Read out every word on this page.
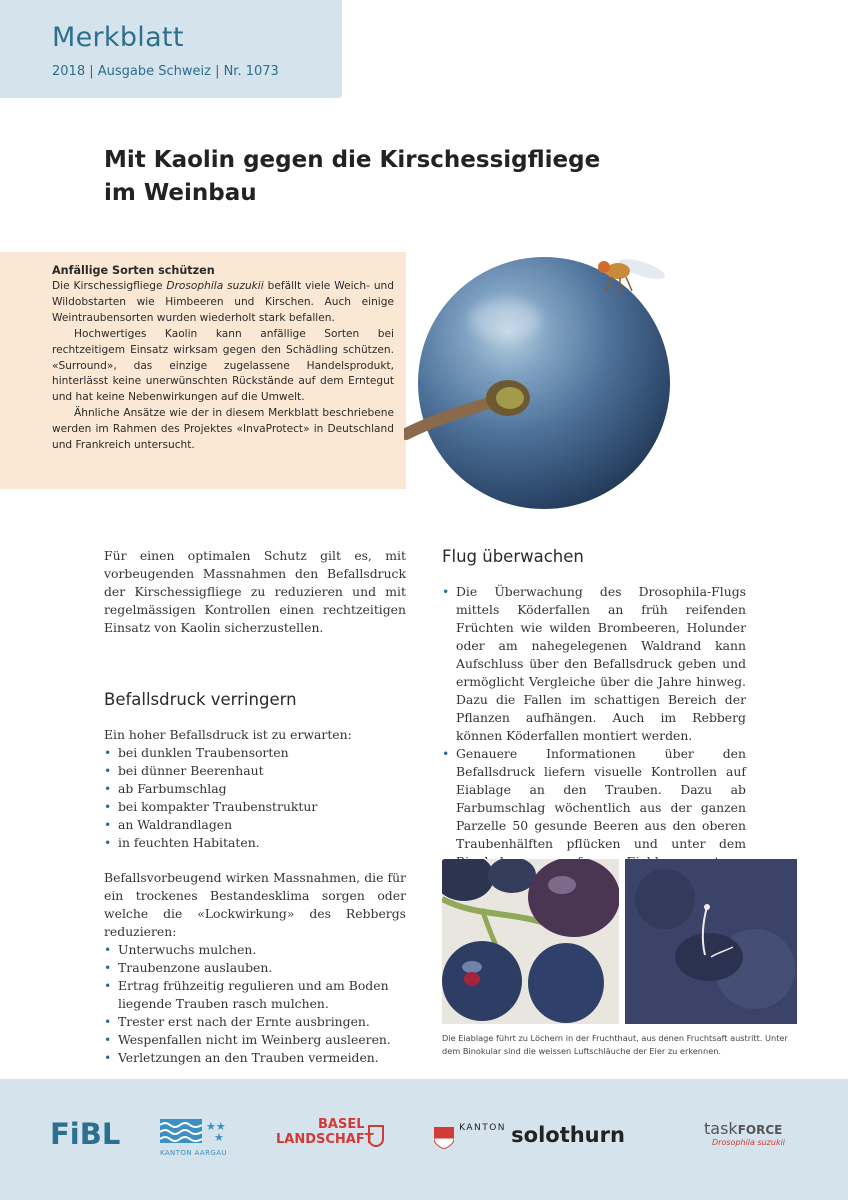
Merkblatt
2018 | Ausgabe Schweiz | Nr. 1073
Mit Kaolin gegen die Kirschessigfliege
im Weinbau
Anfällige Sorten schützen

Die Kirschessigfliege Drosophila suzukii befällt viele Weich- und Wildobstarten wie Himbeeren und Kirschen. Auch einige Weintraubensorten wurden wiederholt stark befallen.

Hochwertiges Kaolin kann anfällige Sorten bei rechtzeitigem Einsatz wirksam gegen den Schädling schützen. «Surround», das einzige zugelassene Handelsprodukt, hinterlässt keine unerwünschten Rückstände auf dem Erntegut und hat keine Nebenwirkungen auf die Umwelt.

Ähnliche Ansätze wie der in diesem Merkblatt beschriebene werden im Rahmen des Projektes «InvaProtect» in Deutschland und Frankreich untersucht.

Für einen optimalen Schutz gilt es, mit vorbeugenden Massnahmen den Befallsdruck der Kirschessigfliege zu reduzieren und mit regelmässigen Kontrollen einen rechtzeitigen Einsatz von Kaolin sicherzustellen.
Befallsdruck verringern
Ein hoher Befallsdruck ist zu erwarten:
• bei dunklen Traubensorten
• bei dünner Beerenhaut
• ab Farbumschlag
• bei kompakter Traubenstruktur
• an Waldrandlagen
• in feuchten Habitaten.
Befallsvorbeugend wirken Massnahmen, die für ein trockenes Bestandesklima sorgen oder welche die «Lockwirkung» des Rebbergs reduzieren:
• Unterwuchs mulchen.
• Traubenzone auslauben.
• Ertrag frühzeitig regulieren und am Boden liegende Trauben rasch mulchen.
• Trester erst nach der Ernte ausbringen.
• Wespenfallen nicht im Weinberg ausleeren.
• Verletzungen an den Trauben vermeiden.
Flug überwachen
• Die Überwachung des Drosophila-Flugs mittels Köderfallen an früh reifenden Früchten wie wilden Brombeeren, Holunder oder am nahegelegenen Waldrand kann Aufschluss über den Befallsdruck geben und ermöglicht Vergleiche über die Jahre hinweg. Dazu die Fallen im schattigen Bereich der Pflanzen aufhängen. Auch im Rebberg können Köderfallen montiert werden.
• Genauere Informationen über den Befallsdruck liefern visuelle Kontrollen auf Eiablage an den Trauben. Dazu ab Farbumschlag wöchentlich aus der ganzen Parzelle 50 gesunde Beeren aus den oberen Traubenhälften pflücken und unter dem
Die Eiablage führt zu Löchern in der Fruchthaut, aus denen Fruchtsaft austritt. Unter dem Binokular sind die weissen Luftschläuche der Eier zu erkennen.
FiBL	★★
★
KANTON AARGAU
BASEL
LANDSCHAFT
$^{KANTON}$ solothurn	taskFORCE
Drosophila suzukii
